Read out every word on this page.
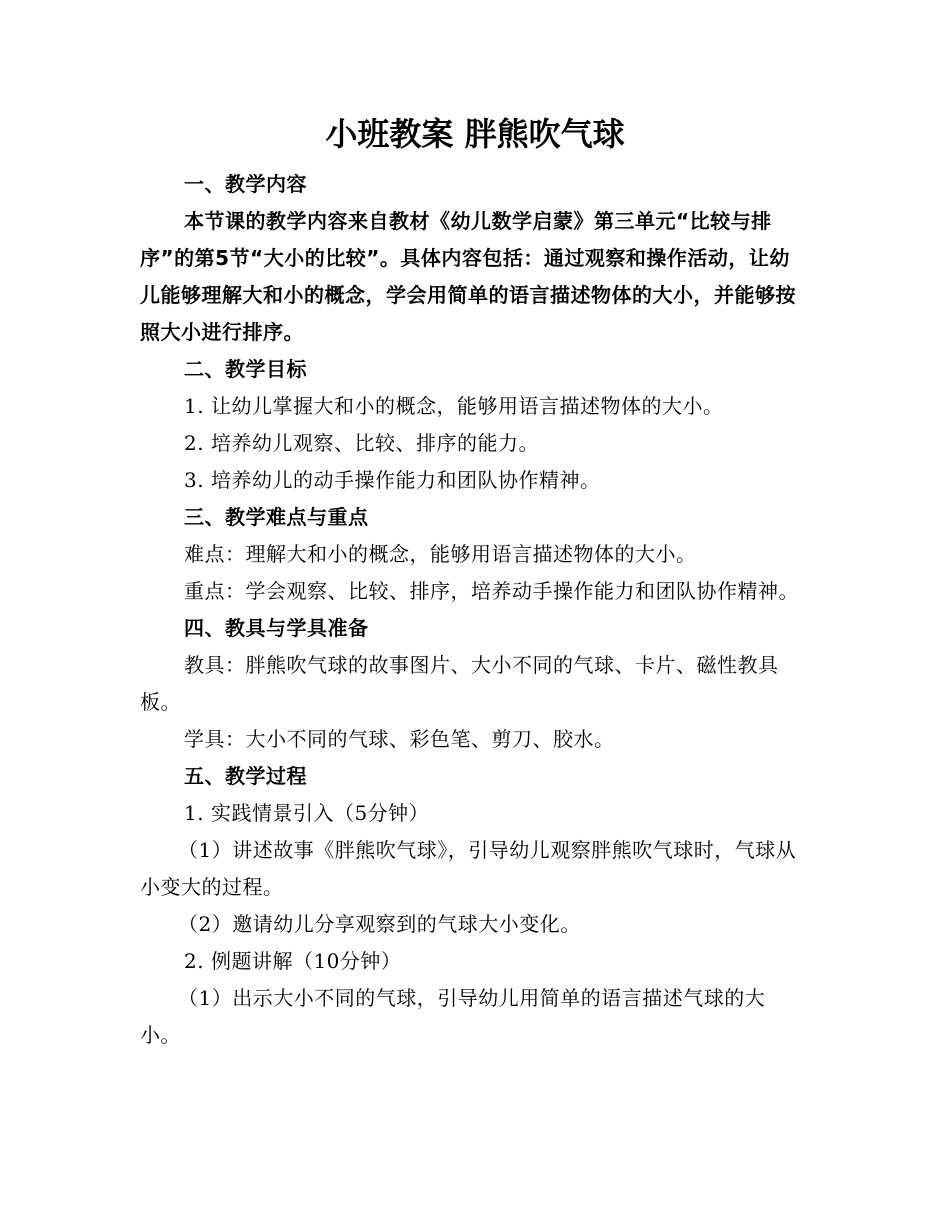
小班教案 胖熊吹气球

一、教学内容

本节课的教学内容来自教材《幼儿数学启蒙》第三单元“比较与排序”的第5节“大小的比较”。具体内容包括：通过观察和操作活动，让幼儿能够理解大和小的概念，学会用简单的语言描述物体的大小，并能够按照大小进行排序。

二、教学目标

1. 让幼儿掌握大和小的概念，能够用语言描述物体的大小。

2. 培养幼儿观察、比较、排序的能力。

3. 培养幼儿的动手操作能力和团队协作精神。

三、教学难点与重点

难点：理解大和小的概念，能够用语言描述物体的大小。

重点：学会观察、比较、排序，培养动手操作能力和团队协作精神。

四、教具与学具准备

教具：胖熊吹气球的故事图片、大小不同的气球、卡片、磁性教具板。

学具：大小不同的气球、彩色笔、剪刀、胶水。

五、教学过程

1. 实践情景引入（5分钟）

（1）讲述故事《胖熊吹气球》，引导幼儿观察胖熊吹气球时，气球从小变大的过程。

（2）邀请幼儿分享观察到的气球大小变化。

2. 例题讲解（10分钟）

（1）出示大小不同的气球，引导幼儿用简单的语言描述气球的大小。
